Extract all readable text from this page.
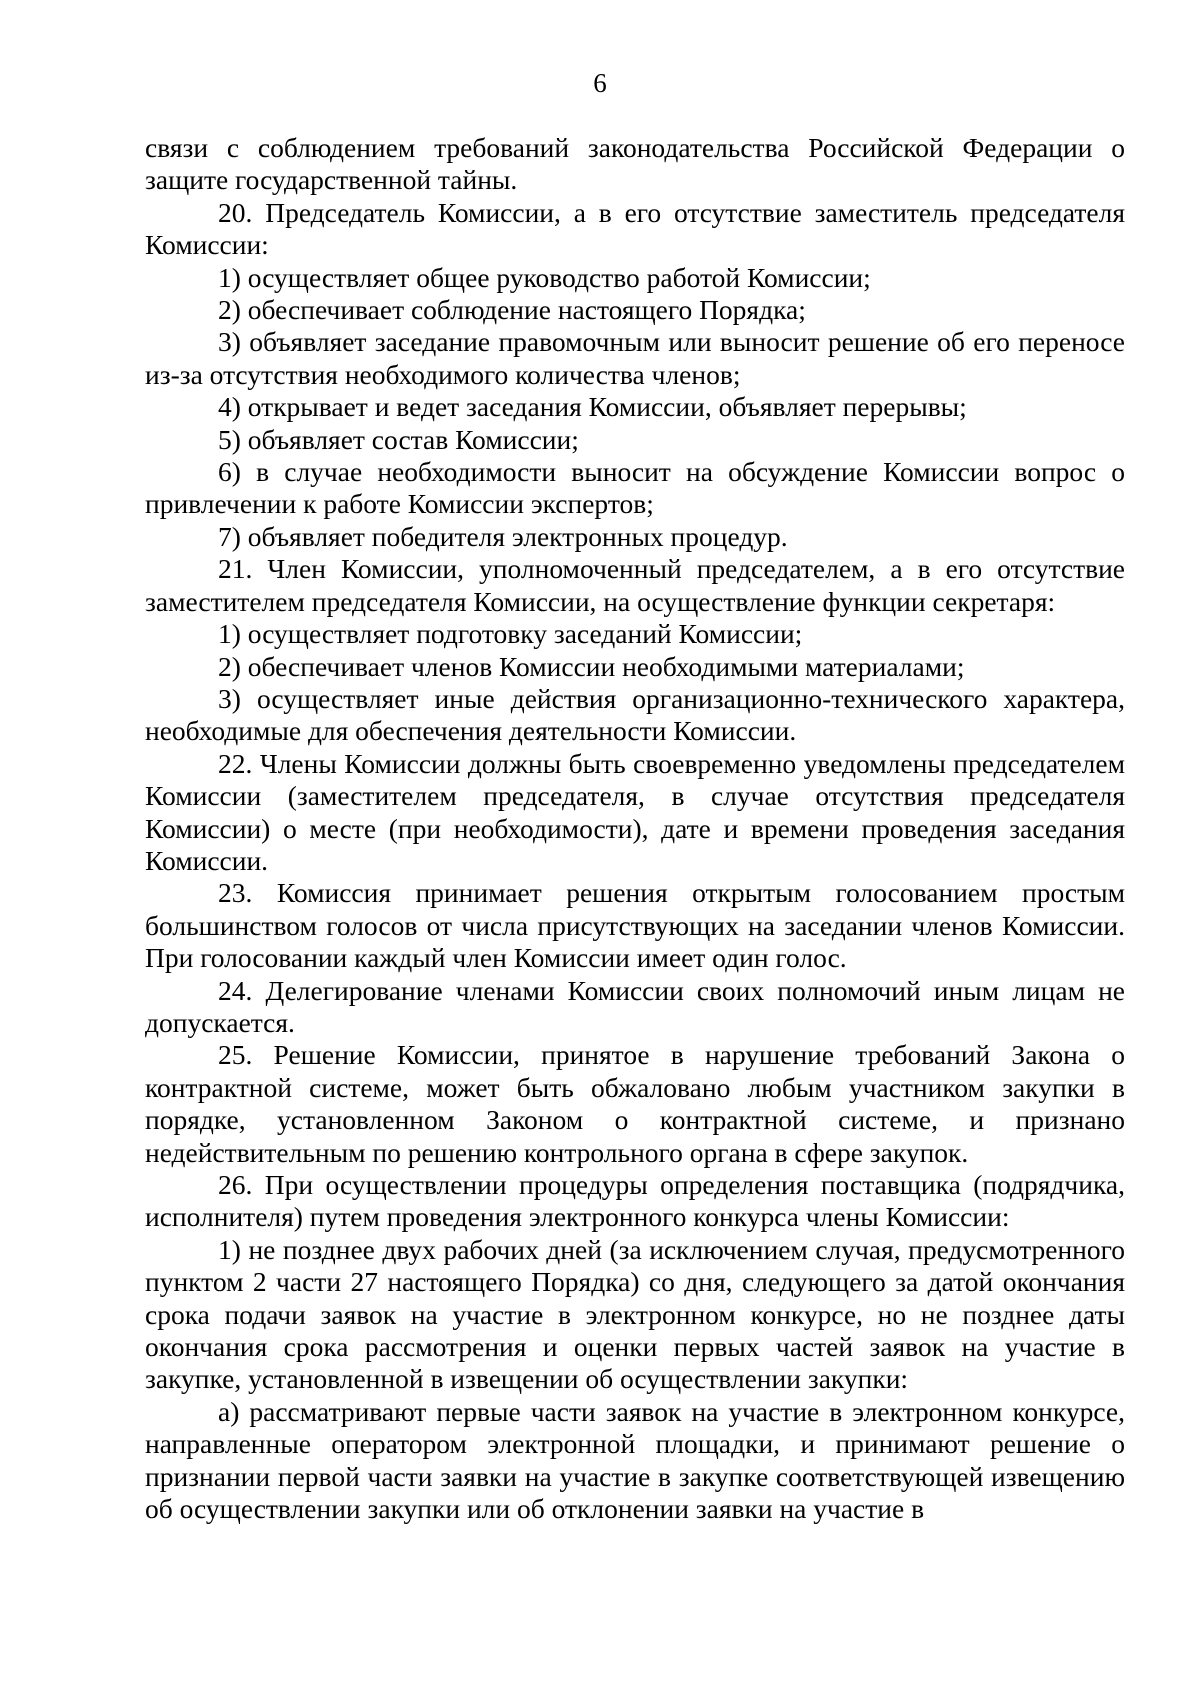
6

связи с соблюдением требований законодательства Российской Федерации о защите государственной тайны.

20. Председатель Комиссии, а в его отсутствие заместитель председателя Комиссии:

1) осуществляет общее руководство работой Комиссии;

2) обеспечивает соблюдение настоящего Порядка;

3) объявляет заседание правомочным или выносит решение об его переносе из-за отсутствия необходимого количества членов;

4) открывает и ведет заседания Комиссии, объявляет перерывы;

5) объявляет состав Комиссии;

6) в случае необходимости выносит на обсуждение Комиссии вопрос о привлечении к работе Комиссии экспертов;

7) объявляет победителя электронных процедур.

21. Член Комиссии, уполномоченный председателем, а в его отсутствие заместителем председателя Комиссии, на осуществление функции секретаря:

1) осуществляет подготовку заседаний Комиссии;

2) обеспечивает членов Комиссии необходимыми материалами;

3) осуществляет иные действия организационно-технического характера, необходимые для обеспечения деятельности Комиссии.

22. Члены Комиссии должны быть своевременно уведомлены председателем Комиссии (заместителем председателя, в случае отсутствия председателя Комиссии) о месте (при необходимости), дате и времени проведения заседания Комиссии.

23. Комиссия принимает решения открытым голосованием простым большинством голосов от числа присутствующих на заседании членов Комиссии. При голосовании каждый член Комиссии имеет один голос.

24. Делегирование членами Комиссии своих полномочий иным лицам не допускается.

25. Решение Комиссии, принятое в нарушение требований Закона о контрактной системе, может быть обжаловано любым участником закупки в порядке, установленном Законом о контрактной системе, и признано недействительным по решению контрольного органа в сфере закупок.

26. При осуществлении процедуры определения поставщика (подрядчика, исполнителя) путем проведения электронного конкурса члены Комиссии:

1) не позднее двух рабочих дней (за исключением случая, предусмотренного пунктом 2 части 27 настоящего Порядка) со дня, следующего за датой окончания срока подачи заявок на участие в электронном конкурсе, но не позднее даты окончания срока рассмотрения и оценки первых частей заявок на участие в закупке, установленной в извещении об осуществлении закупки:

а) рассматривают первые части заявок на участие в электронном конкурсе, направленные оператором электронной площадки, и принимают решение о признании первой части заявки на участие в закупке соответствующей извещению об осуществлении закупки или об отклонении заявки на участие в
